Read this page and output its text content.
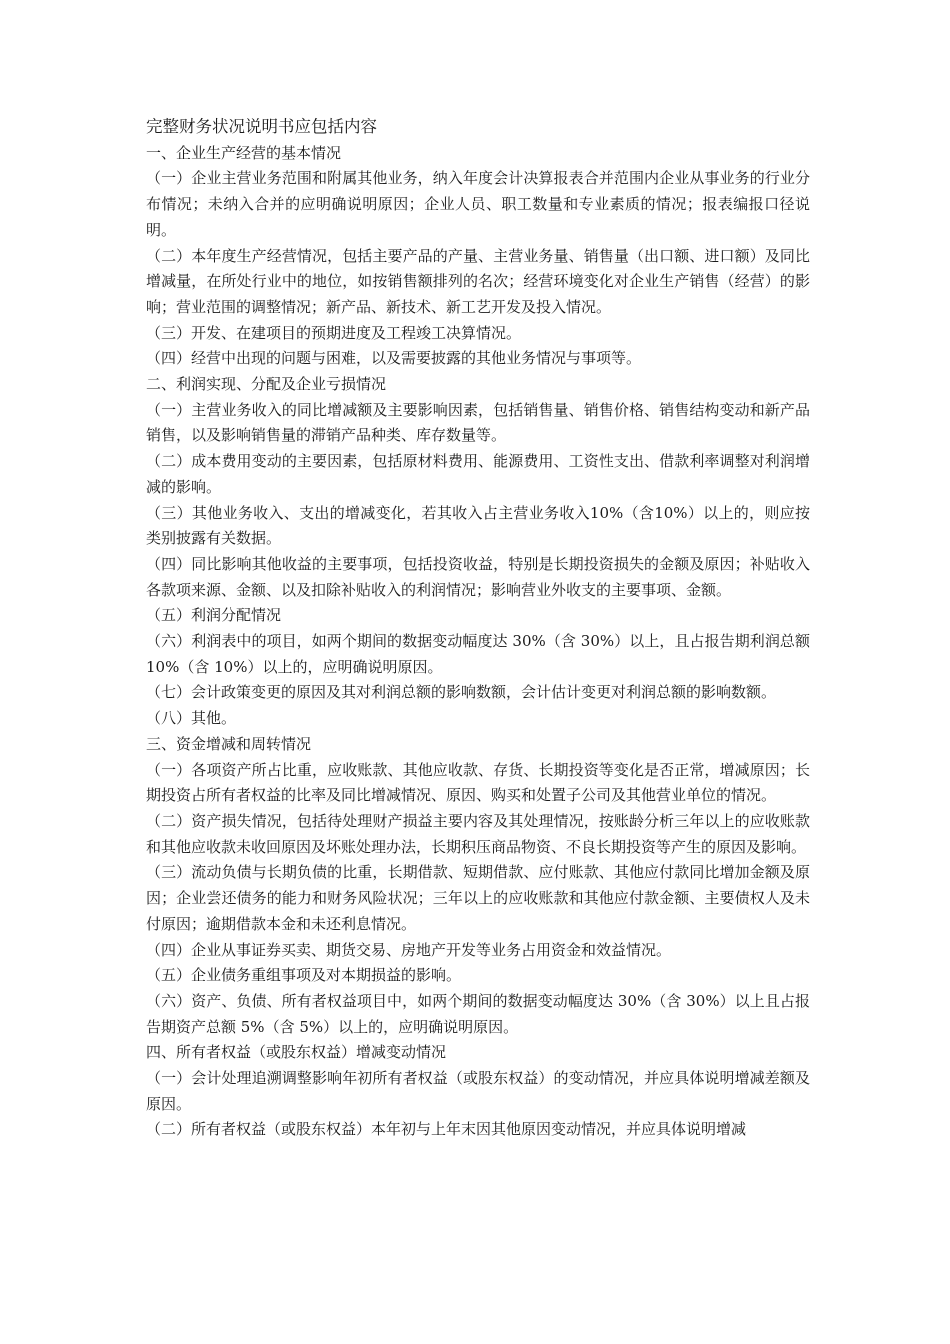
完整财务状况说明书应包括内容

一、企业生产经营的基本情况

（一）企业主营业务范围和附属其他业务，纳入年度会计决算报表合并范围内企业从事业务的行业分布情况；未纳入合并的应明确说明原因；企业人员、职工数量和专业素质的情况；报表编报口径说明。

（二）本年度生产经营情况，包括主要产品的产量、主营业务量、销售量（出口额、进口额）及同比增减量，在所处行业中的地位，如按销售额排列的名次；经营环境变化对企业生产销售（经营）的影响；营业范围的调整情况；新产品、新技术、新工艺开发及投入情况。

（三）开发、在建项目的预期进度及工程竣工决算情况。

（四）经营中出现的问题与困难，以及需要披露的其他业务情况与事项等。

二、利润实现、分配及企业亏损情况

（一）主营业务收入的同比增减额及主要影响因素，包括销售量、销售价格、销售结构变动和新产品销售，以及影响销售量的滞销产品种类、库存数量等。

（二）成本费用变动的主要因素，包括原材料费用、能源费用、工资性支出、借款利率调整对利润增减的影响。

（三）其他业务收入、支出的增减变化，若其收入占主营业务收入10%（含10%）以上的，则应按类别披露有关数据。

（四）同比影响其他收益的主要事项，包括投资收益，特别是长期投资损失的金额及原因；补贴收入各款项来源、金额、以及扣除补贴收入的利润情况；影响营业外收支的主要事项、金额。

（五）利润分配情况

（六）利润表中的项目，如两个期间的数据变动幅度达 30%（含 30%）以上，且占报告期利润总额 10%（含 10%）以上的，应明确说明原因。

（七）会计政策变更的原因及其对利润总额的影响数额，会计估计变更对利润总额的影响数额。

（八）其他。

三、资金增减和周转情况

（一）各项资产所占比重，应收账款、其他应收款、存货、长期投资等变化是否正常，增减原因；长期投资占所有者权益的比率及同比增减情况、原因、购买和处置子公司及其他营业单位的情况。

（二）资产损失情况，包括待处理财产损益主要内容及其处理情况，按账龄分析三年以上的应收账款和其他应收款未收回原因及坏账处理办法，长期积压商品物资、不良长期投资等产生的原因及影响。

（三）流动负债与长期负债的比重，长期借款、短期借款、应付账款、其他应付款同比增加金额及原因；企业尝还债务的能力和财务风险状况；三年以上的应收账款和其他应付款金额、主要债权人及未付原因；逾期借款本金和未还利息情况。

（四）企业从事证券买卖、期货交易、房地产开发等业务占用资金和效益情况。

（五）企业债务重组事项及对本期损益的影响。

（六）资产、负债、所有者权益项目中，如两个期间的数据变动幅度达 30%（含 30%）以上且占报告期资产总额 5%（含 5%）以上的，应明确说明原因。

四、所有者权益（或股东权益）增减变动情况

（一）会计处理追溯调整影响年初所有者权益（或股东权益）的变动情况，并应具体说明增减差额及原因。

（二）所有者权益（或股东权益）本年初与上年末因其他原因变动情况，并应具体说明增减
